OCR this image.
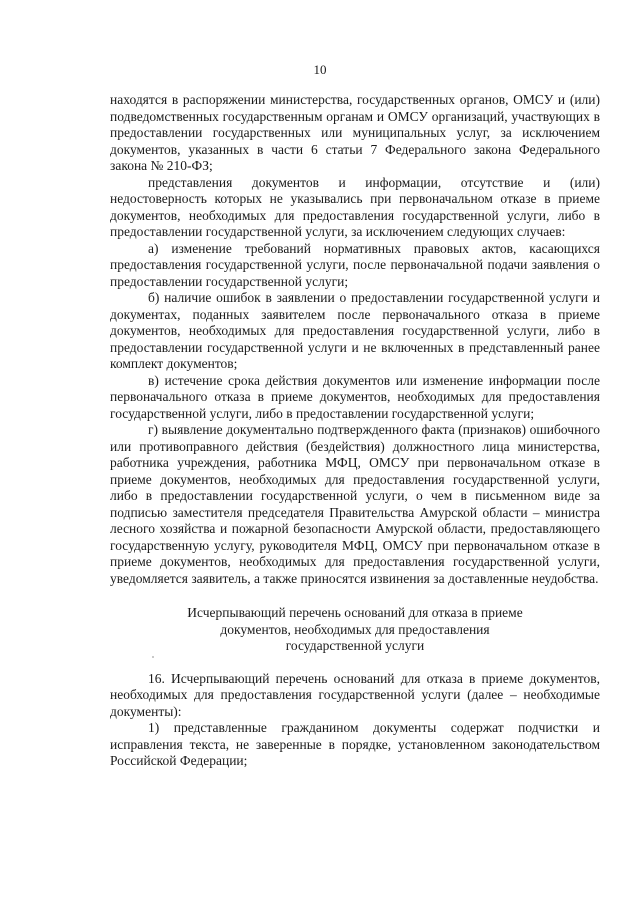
10

находятся в распоряжении министерства, государственных органов, ОМСУ и (или) подведомственных государственным органам и ОМСУ организаций, участвующих в предоставлении государственных или муниципальных услуг, за исключением документов, указанных в части 6 статьи 7 Федерального закона Федерального закона № 210-ФЗ;

представления документов и информации, отсутствие и (или) недостоверность которых не указывались при первоначальном отказе в приеме документов, необходимых для предоставления государственной услуги, либо в предоставлении государственной услуги, за исключением следующих случаев:

а) изменение требований нормативных правовых актов, касающихся предоставления государственной услуги, после первоначальной подачи заявления о предоставлении государственной услуги;

б) наличие ошибок в заявлении о предоставлении государственной услуги и документах, поданных заявителем после первоначального отказа в приеме документов, необходимых для предоставления государственной услуги, либо в предоставлении государственной услуги и не включенных в представленный ранее комплект документов;

в) истечение срока действия документов или изменение информации после первоначального отказа в приеме документов, необходимых для предоставления государственной услуги, либо в предоставлении государственной услуги;

г) выявление документально подтвержденного факта (признаков) ошибочного или противоправного действия (бездействия) должностного лица министерства, работника учреждения, работника МФЦ, ОМСУ при первоначальном отказе в приеме документов, необходимых для предоставления государственной услуги, либо в предоставлении государственной услуги, о чем в письменном виде за подписью заместителя председателя Правительства Амурской области – министра лесного хозяйства и пожарной безопасности Амурской области, предоставляющего государственную услугу, руководителя МФЦ, ОМСУ при первоначальном отказе в приеме документов, необходимых для предоставления государственной услуги, уведомляется заявитель, а также приносятся извинения за доставленные неудобства.

Исчерпывающий перечень оснований для отказа в приеме
документов, необходимых для предоставления
государственной услуги

16. Исчерпывающий перечень оснований для отказа в приеме документов, необходимых для предоставления государственной услуги (далее – необходимые документы):

1) представленные гражданином документы содержат подчистки и исправления текста, не заверенные в порядке, установленном законодательством Российской Федерации;
